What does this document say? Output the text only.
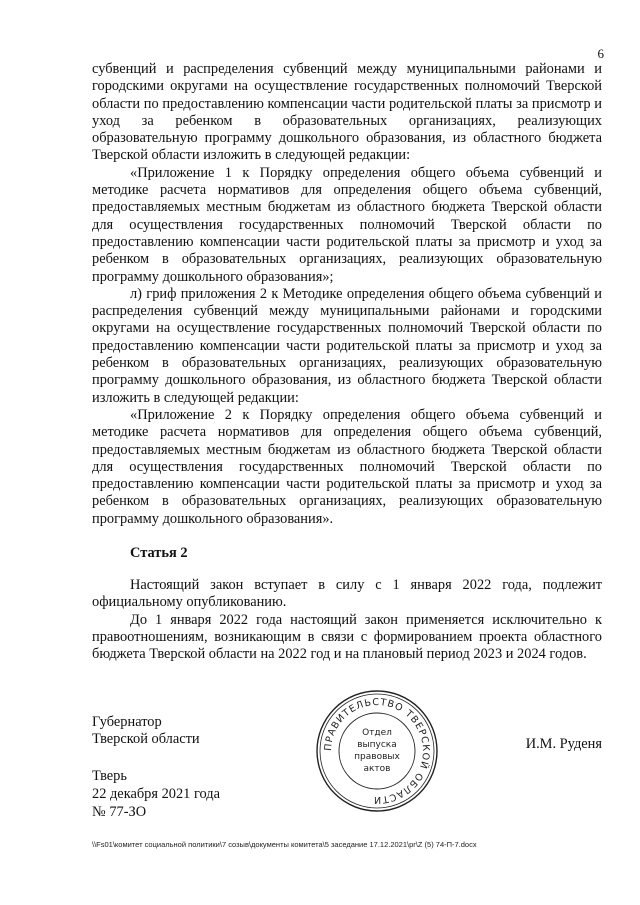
6

субвенций и распределения субвенций между муниципальными районами и городскими округами на осуществление государственных полномочий Тверской области по предоставлению компенсации части родительской платы за присмотр и уход за ребенком в образовательных организациях, реализующих образовательную программу дошкольного образования, из областного бюджета Тверской области изложить в следующей редакции:

«Приложение 1 к Порядку определения общего объема субвенций и методике расчета нормативов для определения общего объема субвенций, предоставляемых местным бюджетам из областного бюджета Тверской области для осуществления государственных полномочий Тверской области по предоставлению компенсации части родительской платы за присмотр и уход за ребенком в образовательных организациях, реализующих образовательную программу дошкольного образования»;

л) гриф приложения 2 к Методике определения общего объема субвенций и распределения субвенций между муниципальными районами и городскими округами на осуществление государственных полномочий Тверской области по предоставлению компенсации части родительской платы за присмотр и уход за ребенком в образовательных организациях, реализующих образовательную программу дошкольного образования, из областного бюджета Тверской области изложить в следующей редакции:

«Приложение 2 к Порядку определения общего объема субвенций и методике расчета нормативов для определения общего объема субвенций, предоставляемых местным бюджетам из областного бюджета Тверской области для осуществления государственных полномочий Тверской области по предоставлению компенсации части родительской платы за присмотр и уход за ребенком в образовательных организациях, реализующих образовательную программу дошкольного образования».

Статья 2

Настоящий закон вступает в силу с 1 января 2022 года, подлежит официальному опубликованию.

До 1 января 2022 года настоящий закон применяется исключительно к правоотношениям, возникающим в связи с формированием проекта областного бюджета Тверской области на 2022 год и на плановый период 2023 и 2024 годов.

Губернатор
Тверской области	И.М. Руденя
ПРАВИТЕЛЬСТВО ТВЕРСКОЙ ОБЛАСТИ
Отдел
выпуска
правовых
актов
Тверь
22 декабря 2021 года
№ 77-ЗО
\\Fs01\комитет социальной политики\7 созыв\документы комитета\5 заседание 17.12.2021\pr\Z (5) 74-П-7.docx
